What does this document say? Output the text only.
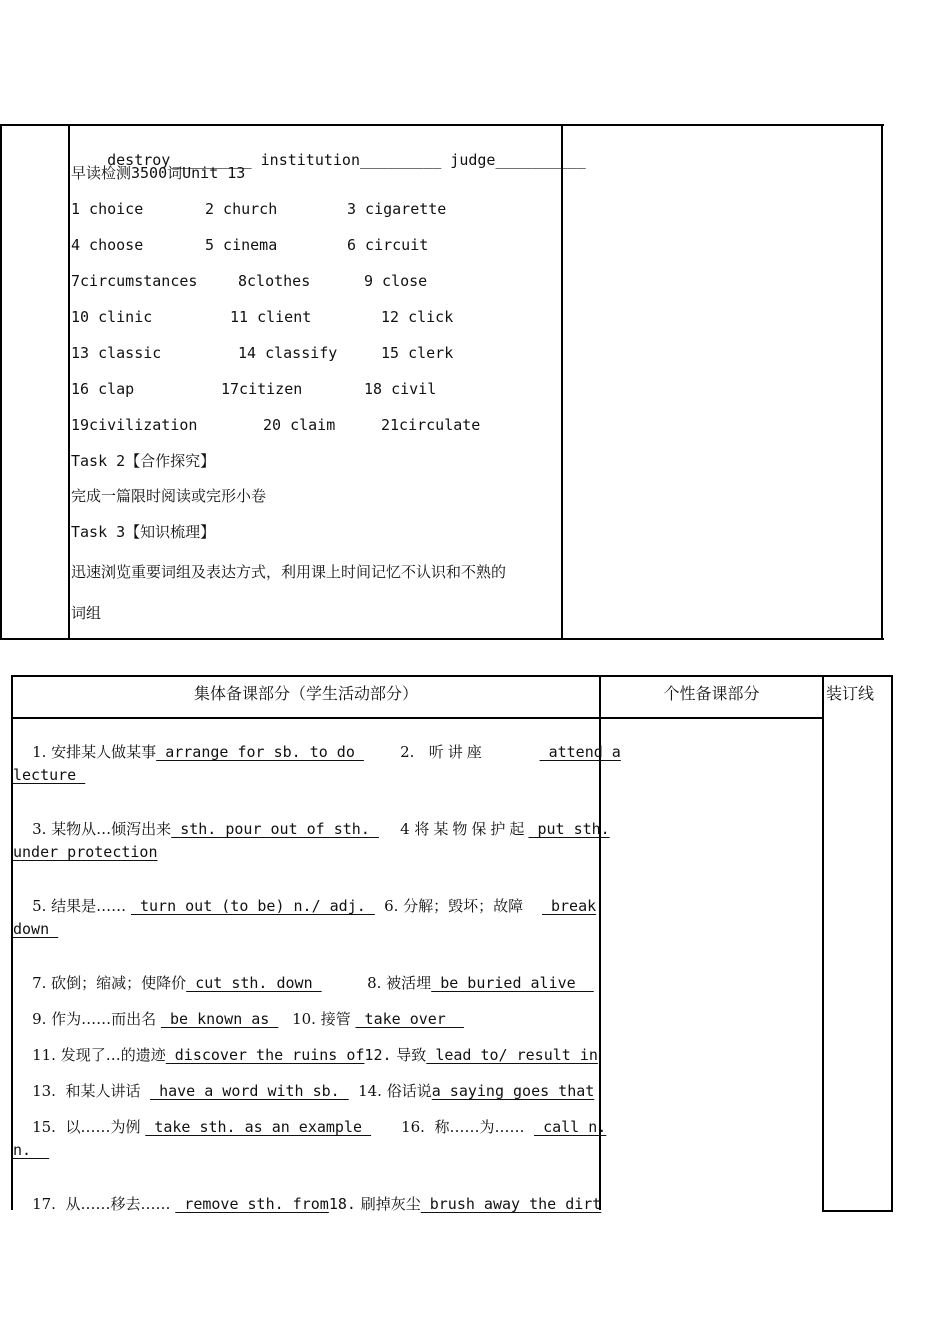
destroy_________ institution_________ judge__________

早读检测3500词Unit 13
1 choice	2 church	3 cigarette
4 choose	5 cinema	6 circuit
7circumstances	8clothes	9 close
10 clinic	11 client	12 click
13 classic	14 classify	15 clerk
16 clap	17citizen	18 civil
19civilization	20 claim	21circulate
Task 2【合作探究】
完成一篇限时阅读或完形小卷
Task 3【知识梳理】
迅速浏览重要词组及表达方式，利用课上时间记忆不认识和不熟的
词组
集体备课部分（学生活动部分）	个性备课部分	装订线

1. 安排某人做某事 arrange for sb. to do
	2. 听讲座	attend a

lecture

3. 某物从…倾泻出来 sth. pour out of sth.
	4 将某物保护起 put sth.

under protection

5. 结果是……  turn out (to be) n./ adj.
6. 分解；毁坏；故障  break

down

7. 砍倒；缩减；使降价 cut sth. down
	8. 被活埋 be buried alive

9. 作为……而出名  be known as
10. 接管  take over

11. 发现了…的遗迹 discover the ruins of12. 导致 lead to/ result in

13. 和某人讲话   have a word with sb.
14. 俗话说a saying goes that

15. 以……为例  take sth. as an example
	16. 称……为……   call n.

n.

17. 从……移去……  remove sth. from18. 刷掉灰尘 brush away the dirt
